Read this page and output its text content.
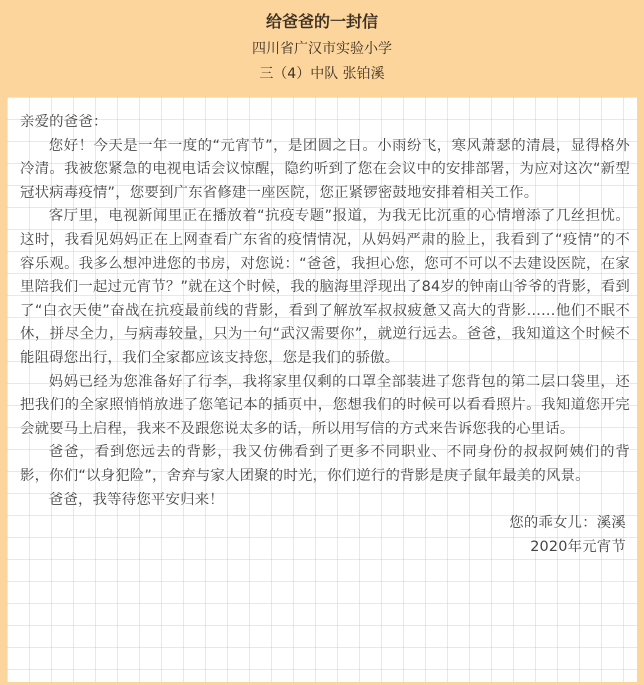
给爸爸的一封信
四川省广汉市实验小学
三（4）中队 张铂溪

亲爱的爸爸：

您好！今天是一年一度的“元宵节”，是团圆之日。小雨纷飞，寒风萧瑟的清晨，显得格外冷清。我被您紧急的电视电话会议惊醒，隐约听到了您在会议中的安排部署，为应对这次“新型冠状病毒疫情”，您要到广东省修建一座医院，您正紧锣密鼓地安排着相关工作。

客厅里，电视新闻里正在播放着“抗疫专题”报道，为我无比沉重的心情增添了几丝担忧。这时，我看见妈妈正在上网查看广东省的疫情情况，从妈妈严肃的脸上，我看到了“疫情”的不容乐观。我多么想冲进您的书房，对您说：“爸爸，我担心您，您可不可以不去建设医院，在家里陪我们一起过元宵节？”就在这个时候，我的脑海里浮现出了84岁的钟南山爷爷的背影，看到了“白衣天使”奋战在抗疫最前线的背影，看到了解放军叔叔疲惫又高大的背影……他们不眠不休，拼尽全力，与病毒较量，只为一句“武汉需要你”，就逆行远去。爸爸，我知道这个时候不能阻碍您出行，我们全家都应该支持您，您是我们的骄傲。

妈妈已经为您准备好了行李，我将家里仅剩的口罩全部装进了您背包的第二层口袋里，还把我们的全家照悄悄放进了您笔记本的插页中，您想我们的时候可以看看照片。我知道您开完会就要马上启程，我来不及跟您说太多的话，所以用写信的方式来告诉您我的心里话。

爸爸，看到您远去的背影，我又仿佛看到了更多不同职业、不同身份的叔叔阿姨们的背影，你们“以身犯险”，舍弃与家人团聚的时光，你们逆行的背影是庚子鼠年最美的风景。

爸爸，我等待您平安归来！

您的乖女儿：溪溪

2020年元宵节
